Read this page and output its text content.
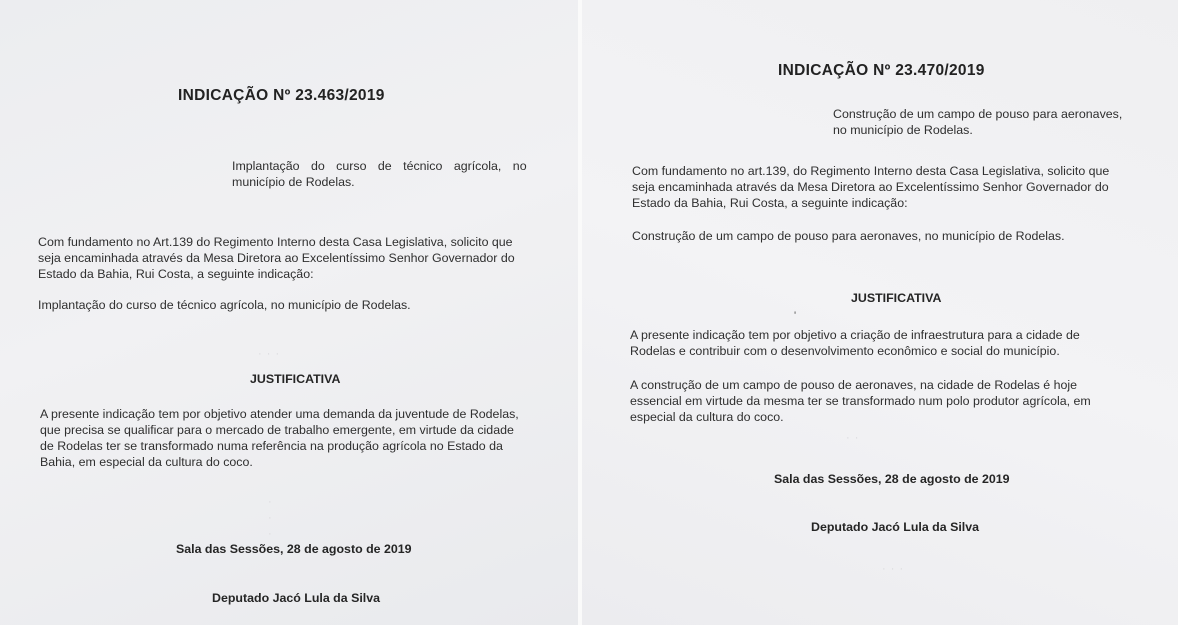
INDICAÇÃO Nº 23.463/2019
Implantação do curso de técnico agrícola, no
município de Rodelas.
Com fundamento no Art.139 do Regimento Interno desta Casa Legislativa, solicito que
seja encaminhada através da Mesa Diretora ao Excelentíssimo Senhor Governador do
Estado da Bahia, Rui Costa, a seguinte indicação:
Implantação do curso de técnico agrícola, no município de Rodelas.
· · ·
JUSTIFICATIVA
A presente indicação tem por objetivo atender uma demanda da juventude de Rodelas,
que precisa se qualificar para o mercado de trabalho emergente, em virtude da cidade
de Rodelas ter se transformado numa referência na produção agrícola no Estado da
Bahia, em especial da cultura do coco.
·
·
·
Sala das Sessões, 28 de agosto de 2019
Deputado Jacó Lula da Silva
INDICAÇÃO Nº 23.470/2019
Construção de um campo de pouso para aeronaves,
no município de Rodelas.
Com fundamento no art.139, do Regimento Interno desta Casa Legislativa, solicito que
seja encaminhada através da Mesa Diretora ao Excelentíssimo Senhor Governador do
Estado da Bahia, Rui Costa, a seguinte indicação:
Construção de um campo de pouso para aeronaves, no município de Rodelas.
JUSTIFICATIVA
'
A presente indicação tem por objetivo a criação de infraestrutura para a cidade de
Rodelas e contribuir com o desenvolvimento econômico e social do município.
A construção de um campo de pouso de aeronaves, na cidade de Rodelas é hoje
essencial em virtude da mesma ter se transformado num polo produtor agrícola, em
especial da cultura do coco.
· ·
Sala das Sessões, 28 de agosto de 2019
Deputado Jacó Lula da Silva
· · ·
